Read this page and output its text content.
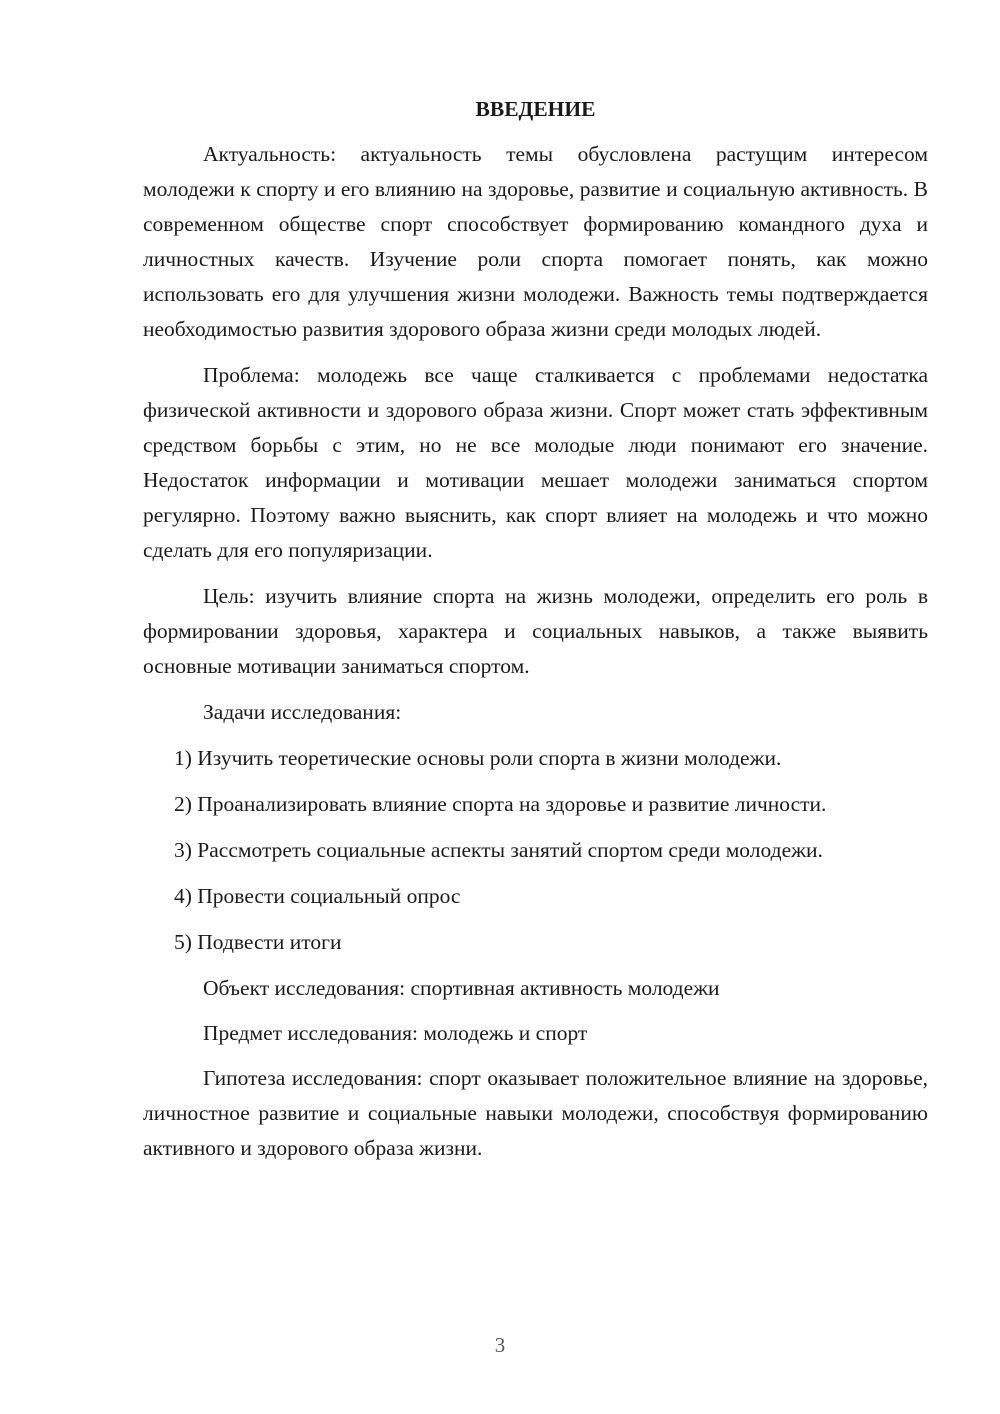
ВВЕДЕНИЕ

Актуальность: актуальность темы обусловлена растущим интересом молодежи к спорту и его влиянию на здоровье, развитие и социальную активность. В современном обществе спорт способствует формированию командного духа и личностных качеств. Изучение роли спорта помогает понять, как можно использовать его для улучшения жизни молодежи. Важность темы подтверждается необходимостью развития здорового образа жизни среди молодых людей.

Проблема: молодежь все чаще сталкивается с проблемами недостатка физической активности и здорового образа жизни. Спорт может стать эффективным средством борьбы с этим, но не все молодые люди понимают его значение. Недостаток информации и мотивации мешает молодежи заниматься спортом регулярно. Поэтому важно выяснить, как спорт влияет на молодежь и что можно сделать для его популяризации.

Цель: изучить влияние спорта на жизнь молодежи, определить его роль в формировании здоровья, характера и социальных навыков, а также выявить основные мотивации заниматься спортом.

Задачи исследования:

1) Изучить теоретические основы роли спорта в жизни молодежи.

2) Проанализировать влияние спорта на здоровье и развитие личности.

3) Рассмотреть социальные аспекты занятий спортом среди молодежи.

4) Провести социальный опрос

5) Подвести итоги

Объект исследования: спортивная активность молодежи

Предмет исследования: молодежь и спорт

Гипотеза исследования: спорт оказывает положительное влияние на здоровье, личностное развитие и социальные навыки молодежи, способствуя формированию активного и здорового образа жизни.

3
